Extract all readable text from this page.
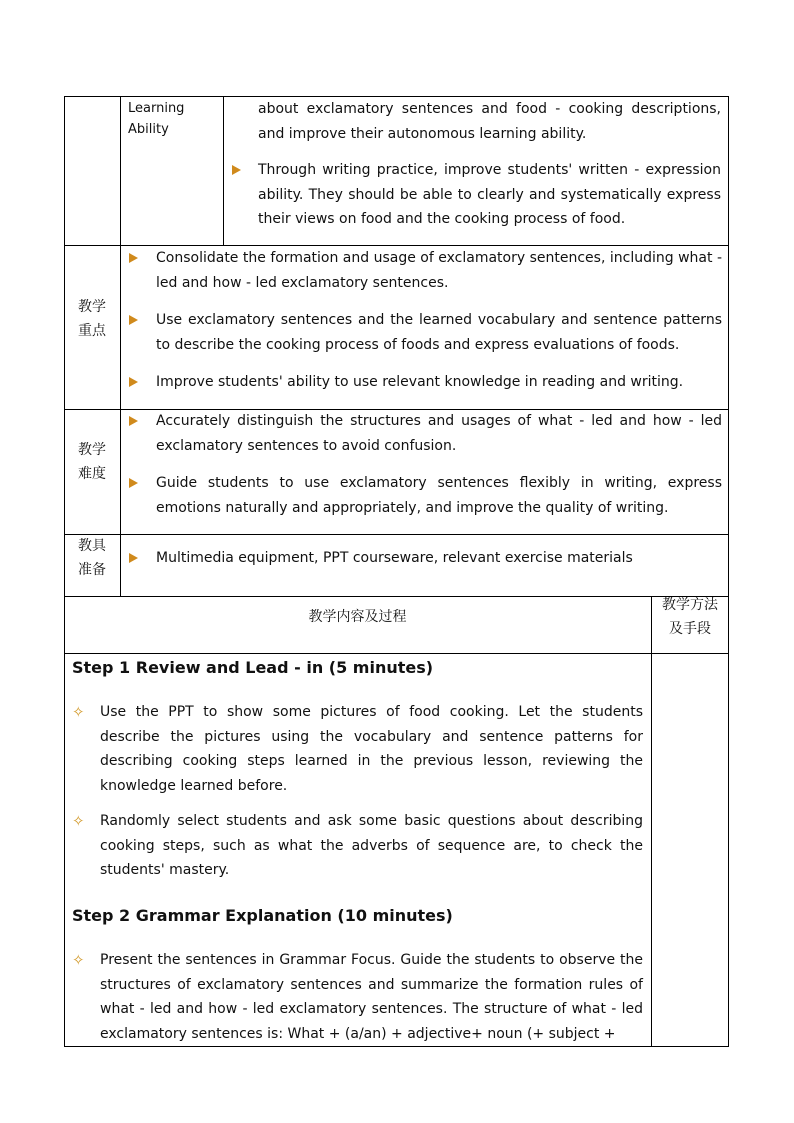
Learning
Ability
about exclamatory sentences and food - cooking descriptions, and improve their autonomous learning ability.
Through writing practice, improve students' written - expression ability. They should be able to clearly and systematically express their views on food and the cooking process of food.
教学
重点
Consolidate the formation and usage of exclamatory sentences, including what - led and how - led exclamatory sentences.
Use exclamatory sentences and the learned vocabulary and sentence patterns to describe the cooking process of foods and express evaluations of foods.
Improve students' ability to use relevant knowledge in reading and writing.
教学
难度
Accurately distinguish the structures and usages of what - led and how - led exclamatory sentences to avoid confusion.
Guide students to use exclamatory sentences flexibly in writing, express emotions naturally and appropriately, and improve the quality of writing.
教具
准备
Multimedia equipment, PPT courseware, relevant exercise materials
教学内容及过程
教学方法
及手段
Step 1 Review and Lead - in (5 minutes)
✧ Use the PPT to show some pictures of food cooking. Let the students describe the pictures using the vocabulary and sentence patterns for describing cooking steps learned in the previous lesson, reviewing the knowledge learned before.
✧ Randomly select students and ask some basic questions about describing cooking steps, such as what the adverbs of sequence are, to check the students' mastery.
Step 2 Grammar Explanation (10 minutes)
✧ Present the sentences in Grammar Focus. Guide the students to observe the structures of exclamatory sentences and summarize the formation rules of what - led and how - led exclamatory sentences. The structure of what - led exclamatory sentences is: What + (a/an) + adjective+ noun (+ subject +
